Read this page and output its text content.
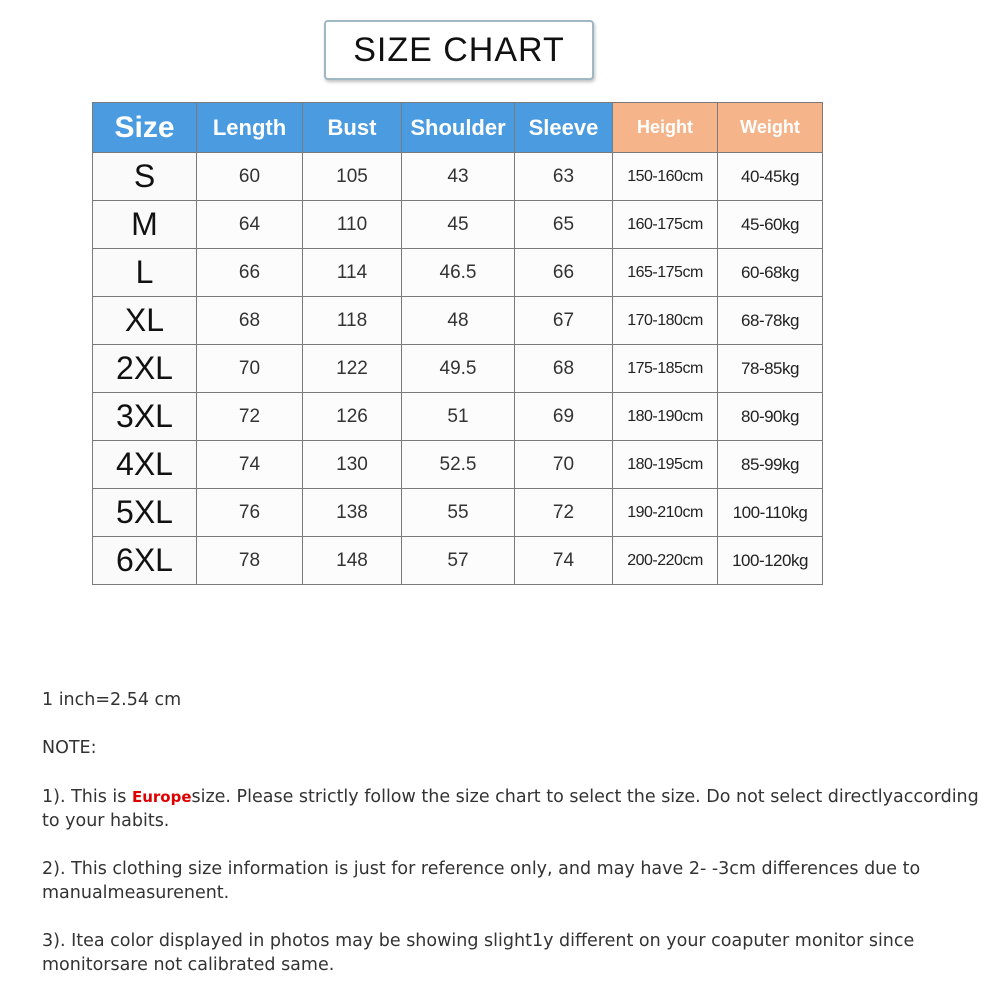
SIZE CHART
Size	Length	Bust	Shoulder	Sleeve	Height	Weight
S	60	105	43	63	150-160cm	40-45kg
M	64	110	45	65	160-175cm	45-60kg
L	66	114	46.5	66	165-175cm	60-68kg
XL	68	118	48	67	170-180cm	68-78kg
2XL	70	122	49.5	68	175-185cm	78-85kg
3XL	72	126	51	69	180-190cm	80-90kg
4XL	74	130	52.5	70	180-195cm	85-99kg
5XL	76	138	55	72	190-210cm	100-110kg
6XL	78	148	57	74	200-220cm	100-120kg

1 inch=2.54 cm

NOTE:

1). This is Europesize. Please strictly follow the size chart to select the size. Do not select directlyaccording to your habits.

2). This clothing size information is just for reference only, and may have 2- -3cm differences due to manualmeasurenent.

3). Itea color displayed in photos may be showing slight1y different on your coaputer monitor since monitorsare not calibrated same.
